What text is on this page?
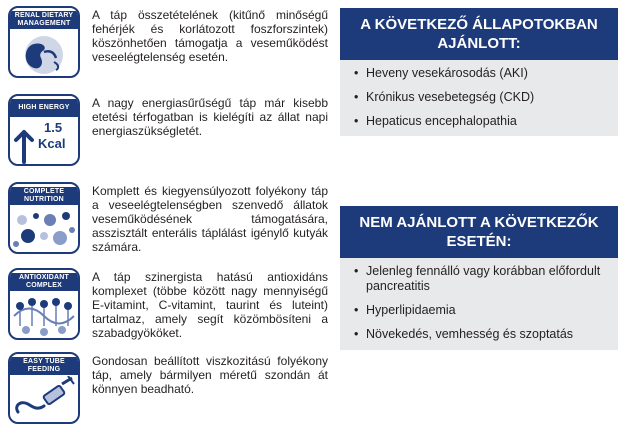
RENAL DIETARY MANAGEMENT
A táp összetételének (kitűnő minőségű fehérjék és korlátozott foszforszintek) köszönhetően támogatja a veseműködést veseelégtelenség esetén.
HIGH ENERGY
1.5
Kcal
A nagy energiasűrűségű táp már kisebb etetési térfogatban is kielégíti az állat napi energiaszükségletét.
COMPLETE NUTRITION
Komplett és kiegyensúlyozott folyékony táp a veseelégtelenségben szenvedő állatok veseműködésének támogatására, asszisztált enterális táplálást igénylő kutyák számára.
ANTIOXIDANT COMPLEX
A táp szinergista hatású antioxidáns komplexet (többe között nagy mennyiségű E-vitamint, C-vitamint, taurint és luteint) tartalmaz, amely segít közömbösíteni a szabadgyököket.
EASY TUBE FEEDING
Gondosan beállított viszkozitású folyékony táp, amely bármilyen méretű szondán át könnyen beadható.
A KÖVETKEZŐ ÁLLAPOTOKBAN AJÁNLOTT:
• Heveny vesekárosodás (AKI)
• Krónikus vesebetegség (CKD)
• Hepaticus encephalopathia
NEM AJÁNLOTT A KÖVETKEZŐK ESETÉN:
• Jelenleg fennálló vagy korábban előfordult pancreatitis
• Hyperlipidaemia
• Növekedés, vemhesség és szoptatás
